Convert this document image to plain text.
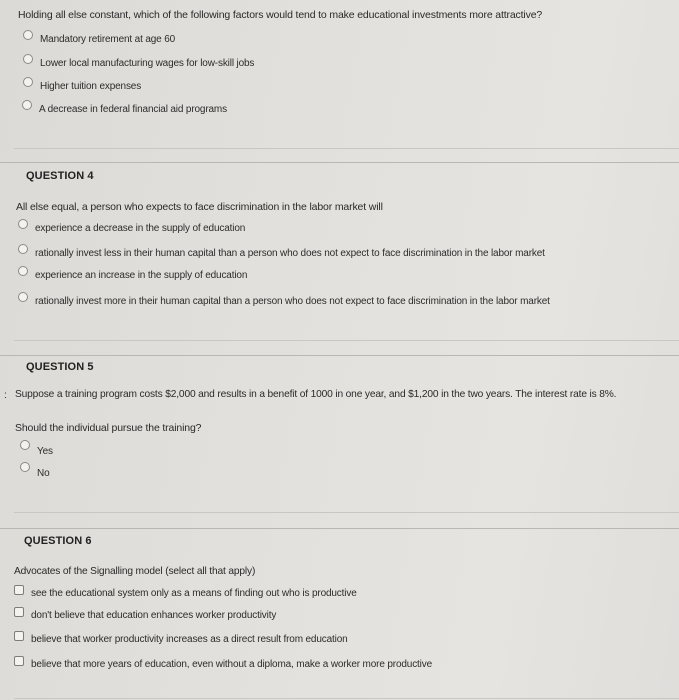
Holding all else constant, which of the following factors would tend to make educational investments more attractive?
Mandatory retirement at age 60
Lower local manufacturing wages for low-skill jobs
Higher tuition expenses
A decrease in federal financial aid programs
QUESTION 4
All else equal, a person who expects to face discrimination in the labor market will
experience a decrease in the supply of education
rationally invest less in their human capital than a person who does not expect to face discrimination in the labor market
experience an increase in the supply of education
rationally invest more in their human capital than a person who does not expect to face discrimination in the labor market
QUESTION 5
: Suppose a training program costs $2,000 and results in a benefit of 1000 in one year, and $1,200 in the two years. The interest rate is 8%.
Should the individual pursue the training?
Yes
No
QUESTION 6
Advocates of the Signalling model (select all that apply)
see the educational system only as a means of finding out who is productive
don't believe that education enhances worker productivity
believe that worker productivity increases as a direct result from education
believe that more years of education, even without a diploma, make a worker more productive
